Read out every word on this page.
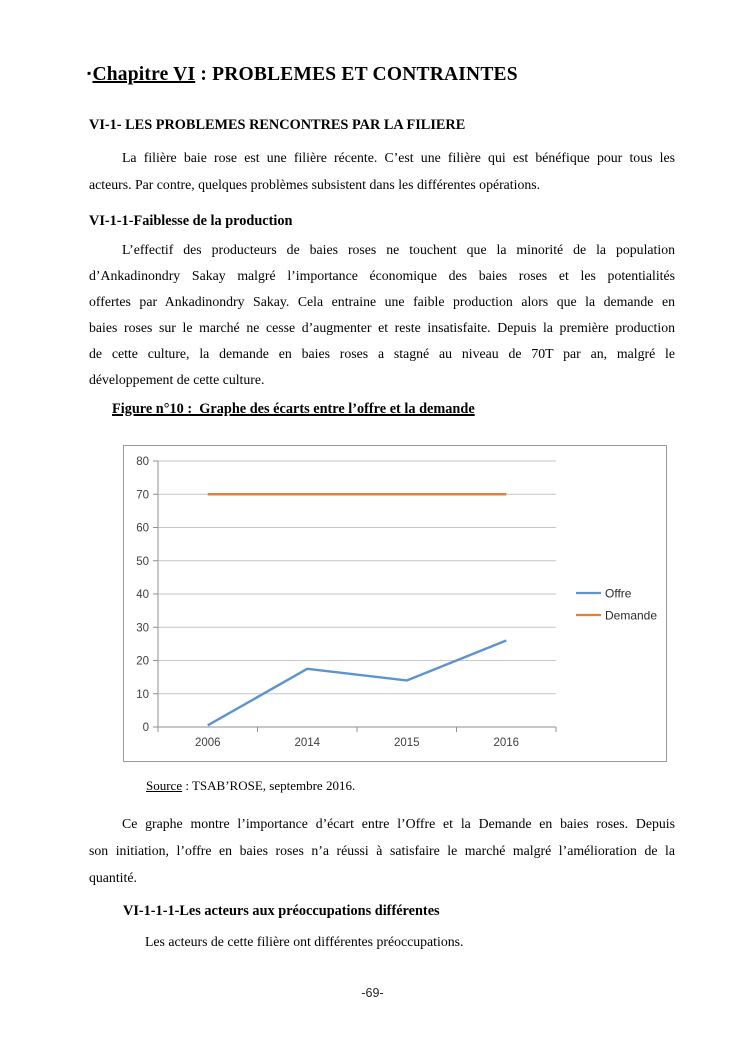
▪Chapitre VI : PROBLEMES ET CONTRAINTES
VI-1- LES PROBLEMES RENCONTRES PAR LA FILIERE
La filière baie rose est une filière récente. C’est une filière qui est bénéfique pour tous les
acteurs. Par contre, quelques problèmes subsistent dans les différentes opérations.
VI-1-1-Faiblesse de la production
L’effectif des producteurs de baies roses ne touchent que la minorité de la population
d’Ankadinondry Sakay malgré l’importance économique des baies roses et les potentialités
offertes par Ankadinondry Sakay. Cela entraine une faible production alors que la demande en
baies roses sur le marché ne cesse d’augmenter et reste insatisfaite. Depuis la première production
de cette culture, la demande en baies roses a stagné au niveau de 70T par an, malgré le
développement de cette culture.
Figure n°10 :  Graphe des écarts entre l’offre et la demande
0
10
20
30
40
50
60
70
80
2006	2014	2015	2016
Offre
Demande
Source : TSAB’ROSE, septembre 2016.
Ce graphe montre l’importance d’écart entre l’Offre et la Demande en baies roses. Depuis
son initiation, l’offre en baies roses n’a réussi à satisfaire le marché malgré l’amélioration de la
quantité.
VI-1-1-1-Les acteurs aux préoccupations différentes
Les acteurs de cette filière ont différentes préoccupations.
-69-
